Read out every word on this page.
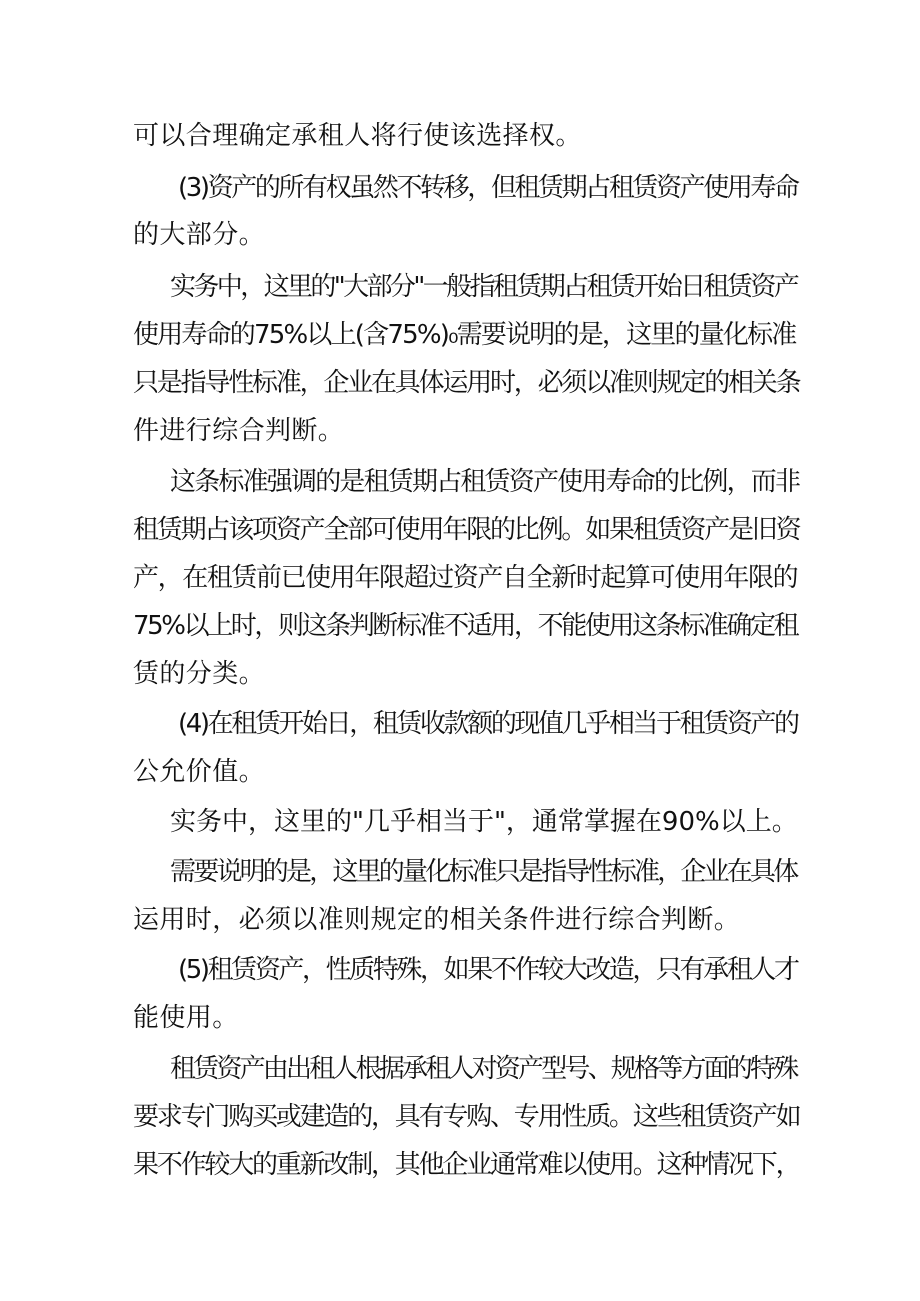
可以合理确定承租人将行使该选择权。
(3)资产的所有权虽然不转移，但租赁期占租赁资产使用寿命
的大部分。
实务中，这里的"大部分"一般指租赁期占租赁开始日租赁资产
使用寿命的75%以上(含75%)₀需要说明的是，这里的量化标准
只是指导性标准，企业在具体运用时，必须以准则规定的相关条
件进行综合判断。
这条标准强调的是租赁期占租赁资产使用寿命的比例，而非
租赁期占该项资产全部可使用年限的比例。如果租赁资产是旧资
产，在租赁前已使用年限超过资产自全新时起算可使用年限的
75%以上时，则这条判断标准不适用，不能使用这条标准确定租
赁的分类。
(4)在租赁开始日，租赁收款额的现值几乎相当于租赁资产的
公允价值。
实务中，这里的"几乎相当于"，通常掌握在90%以上。
需要说明的是，这里的量化标准只是指导性标准，企业在具体
运用时，必须以准则规定的相关条件进行综合判断。
(5)租赁资产，性质特殊，如果不作较大改造，只有承租人才
能使用。
租赁资产由出租人根据承租人对资产型号、规格等方面的特殊
要求专门购买或建造的，具有专购、专用性质。这些租赁资产如
果不作较大的重新改制，其他企业通常难以使用。这种情况下，
